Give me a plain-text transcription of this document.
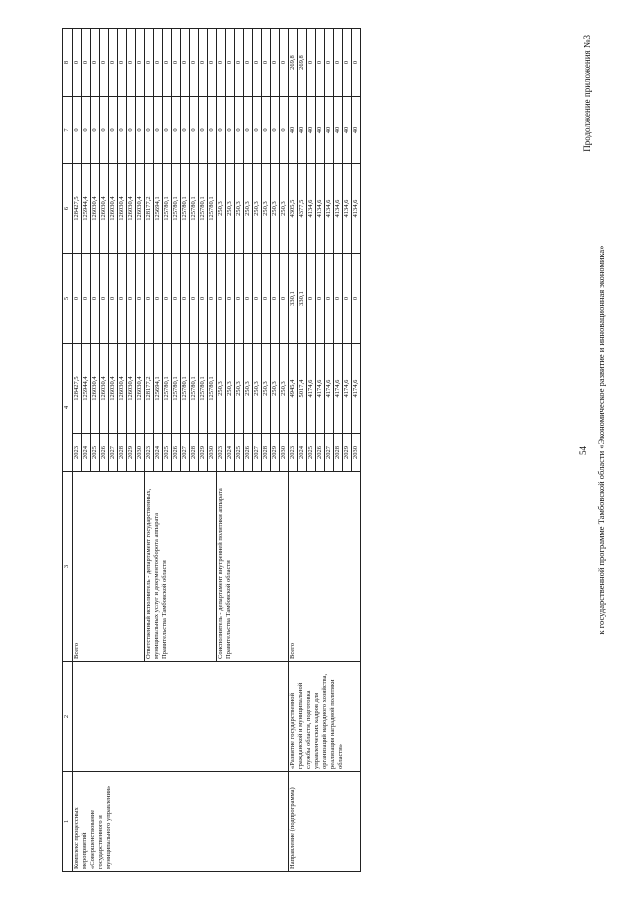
54
Продолжение приложения №3
к государственной программе Тамбовской области «Экономическое развитие и инновационная экономика»
1	2	3	4		5	6	7	8
Комплекс процессных мероприятий «Совершенствование государственного и муниципального управления»		Всего	2023	128427,5	0	128427,5	0	0
			2024	125944,4	0	125944,4	0	0
			2025	126030,4	0	126030,4	0	0
			2026	126030,4	0	126030,4	0	0
			2027	126030,4	0	126030,4	0	0
			2028	126030,4	0	126030,4	0	0
			2029	126030,4	0	126030,4	0	0
			2030	126030,4	0	126030,4	0	0
		Ответственный исполнитель - департамент государственных, муниципальных услуг и документооборота аппарата Правительства Тамбовской области	2023	128177,2	0	128177,2	0	0
			2024	125694,1	0	125694,1	0	0
			2025	125780,1	0	125780,1	0	0
			2026	125780,1	0	125780,1	0	0
			2027	125780,1	0	125780,1	0	0
			2028	125780,1	0	125780,1	0	0
			2029	125780,1	0	125780,1	0	0
			2030	125780,1	0	125780,1	0	0
		Соисполнитель - департамент внутренней политики аппарата Правительства Тамбовской области	2023	250,3	0	250,3	0	0
			2024	250,3	0	250,3	0	0
			2025	250,3	0	250,3	0	0
			2026	250,3	0	250,3	0	0
			2027	250,3	0	250,3	0	0
			2028	250,3	0	250,3	0	0
			2029	250,3	0	250,3	0	0
			2030	250,3	0	250,3	0	0
Направление (подпрограмма)	«Развитие государственной гражданской и муниципальной службы области, подготовка управленческих кадров для организаций народного хозяйства, реализация наградной политики области»	Всего	2023	4945,4	330,1	4305,5	40	269,8
			2024	5017,4	330,1	4377,5	40	269,8
			2025	4174,6	0	4134,6	40	0
			2026	4174,6	0	4134,6	40	0
			2027	4174,6	0	4134,6	40	0
			2028	4174,6	0	4134,6	40	0
			2029	4174,6	0	4134,6	40	0
			2030	4174,6	0	4134,6	40	0
